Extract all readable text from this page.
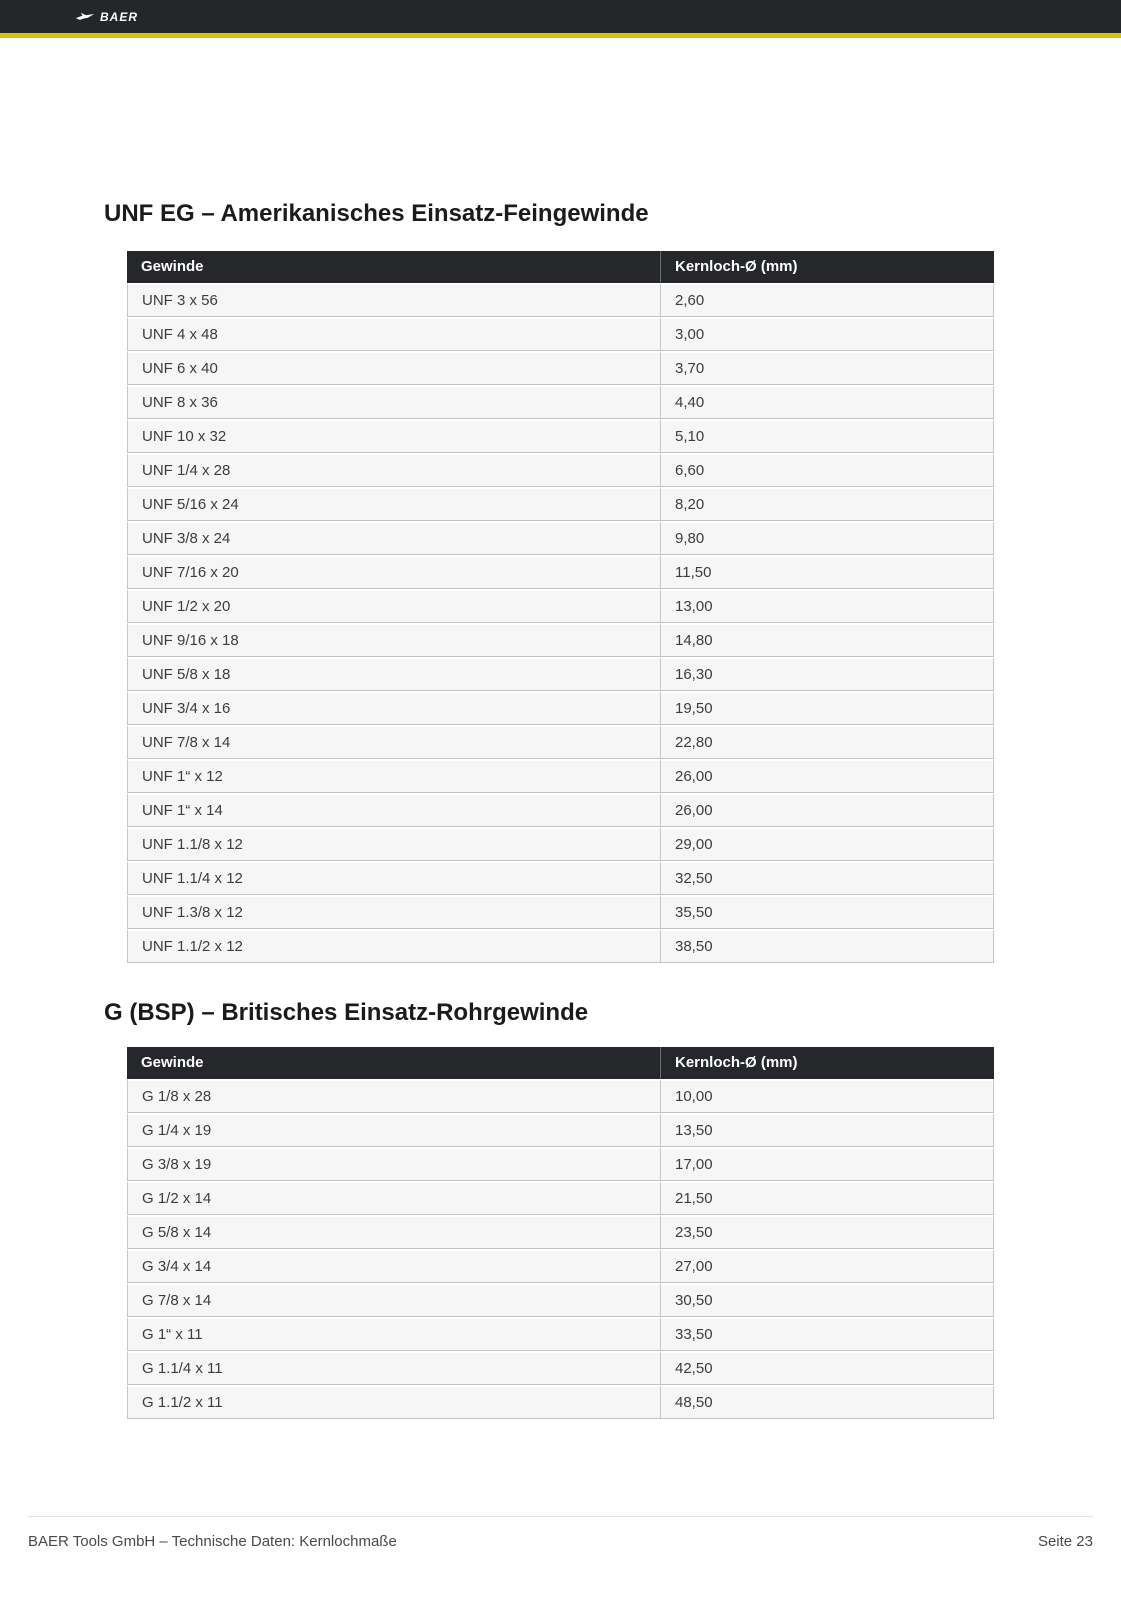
BAER
UNF EG – Amerikanisches Einsatz-Feingewinde
Gewinde	Kernloch-Ø (mm)
UNF 3 x 56	2,60
UNF 4 x 48	3,00
UNF 6 x 40	3,70
UNF 8 x 36	4,40
UNF 10 x 32	5,10
UNF 1/4 x 28	6,60
UNF 5/16 x 24	8,20
UNF 3/8 x 24	9,80
UNF 7/16 x 20	11,50
UNF 1/2 x 20	13,00
UNF 9/16 x 18	14,80
UNF 5/8 x 18	16,30
UNF 3/4 x 16	19,50
UNF 7/8 x 14	22,80
UNF 1“ x 12	26,00
UNF 1“ x 14	26,00
UNF 1.1/8 x 12	29,00
UNF 1.1/4 x 12	32,50
UNF 1.3/8 x 12	35,50
UNF 1.1/2 x 12	38,50
G (BSP) – Britisches Einsatz-Rohrgewinde
Gewinde	Kernloch-Ø (mm)
G 1/8 x 28	10,00
G 1/4 x 19	13,50
G 3/8 x 19	17,00
G 1/2 x 14	21,50
G 5/8 x 14	23,50
G 3/4 x 14	27,00
G 7/8 x 14	30,50
G 1“ x 11	33,50
G 1.1/4 x 11	42,50
G 1.1/2 x 11	48,50
BAER Tools GmbH – Technische Daten: Kernlochmaße	Seite 23
